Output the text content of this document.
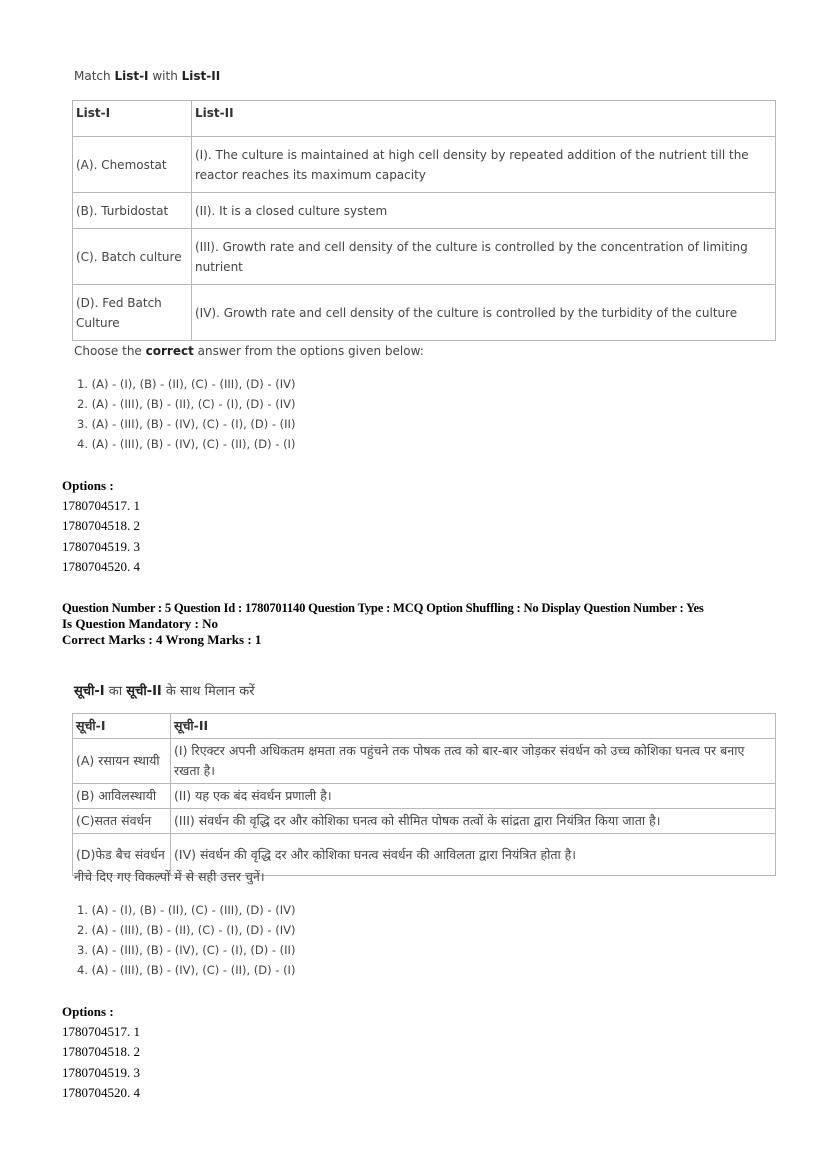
Match List-I with List-II
List-I	List-II
(A). Chemostat	(I). The culture is maintained at high cell density by repeated addition of the nutrient till the reactor reaches its maximum capacity
(B). Turbidostat	(II). It is a closed culture system
(C). Batch culture	(III). Growth rate and cell density of the culture is controlled by the concentration of limiting nutrient
(D). Fed Batch Culture	(IV). Growth rate and cell density of the culture is controlled by the turbidity of the culture
Choose the correct answer from the options given below:
1. (A) - (I), (B) - (II), (C) - (III), (D) - (IV)
2. (A) - (III), (B) - (II), (C) - (I), (D) - (IV)
3. (A) - (III), (B) - (IV), (C) - (I), (D) - (II)
4. (A) - (III), (B) - (IV), (C) - (II), (D) - (I)
Options :
1780704517. 1
1780704518. 2
1780704519. 3
1780704520. 4
Question Number : 5 Question Id : 1780701140 Question Type : MCQ Option Shuffling : No Display Question Number : Yes
Is Question Mandatory : No
Correct Marks : 4 Wrong Marks : 1
सूची-I का सूची-II के साथ मिलान करें
सूची-I	सूची-II
(A) रसायन स्थायी	(I) रिएक्टर अपनी अधिकतम क्षमता तक पहुंचने तक पोषक तत्व को बार-बार जोड़कर संवर्धन को उच्च कोशिका घनत्व पर बनाए रखता है।
(B) आविलस्थायी	(II) यह एक बंद संवर्धन प्रणाली है।
(C)सतत संवर्धन	(III) संवर्धन की वृद्धि दर और कोशिका घनत्व को सीमित पोषक तत्वों के सांद्रता द्वारा नियंत्रित किया जाता है।
(D)फेड बैच संवर्धन	(IV) संवर्धन की वृद्धि दर और कोशिका घनत्व संवर्धन की आविलता द्वारा नियंत्रित होता है।
नीचे दिए गए विकल्पों में से सही उत्तर चुनें।
1. (A) - (I), (B) - (II), (C) - (III), (D) - (IV)
2. (A) - (III), (B) - (II), (C) - (I), (D) - (IV)
3. (A) - (III), (B) - (IV), (C) - (I), (D) - (II)
4. (A) - (III), (B) - (IV), (C) - (II), (D) - (I)
Options :
1780704517. 1
1780704518. 2
1780704519. 3
1780704520. 4
